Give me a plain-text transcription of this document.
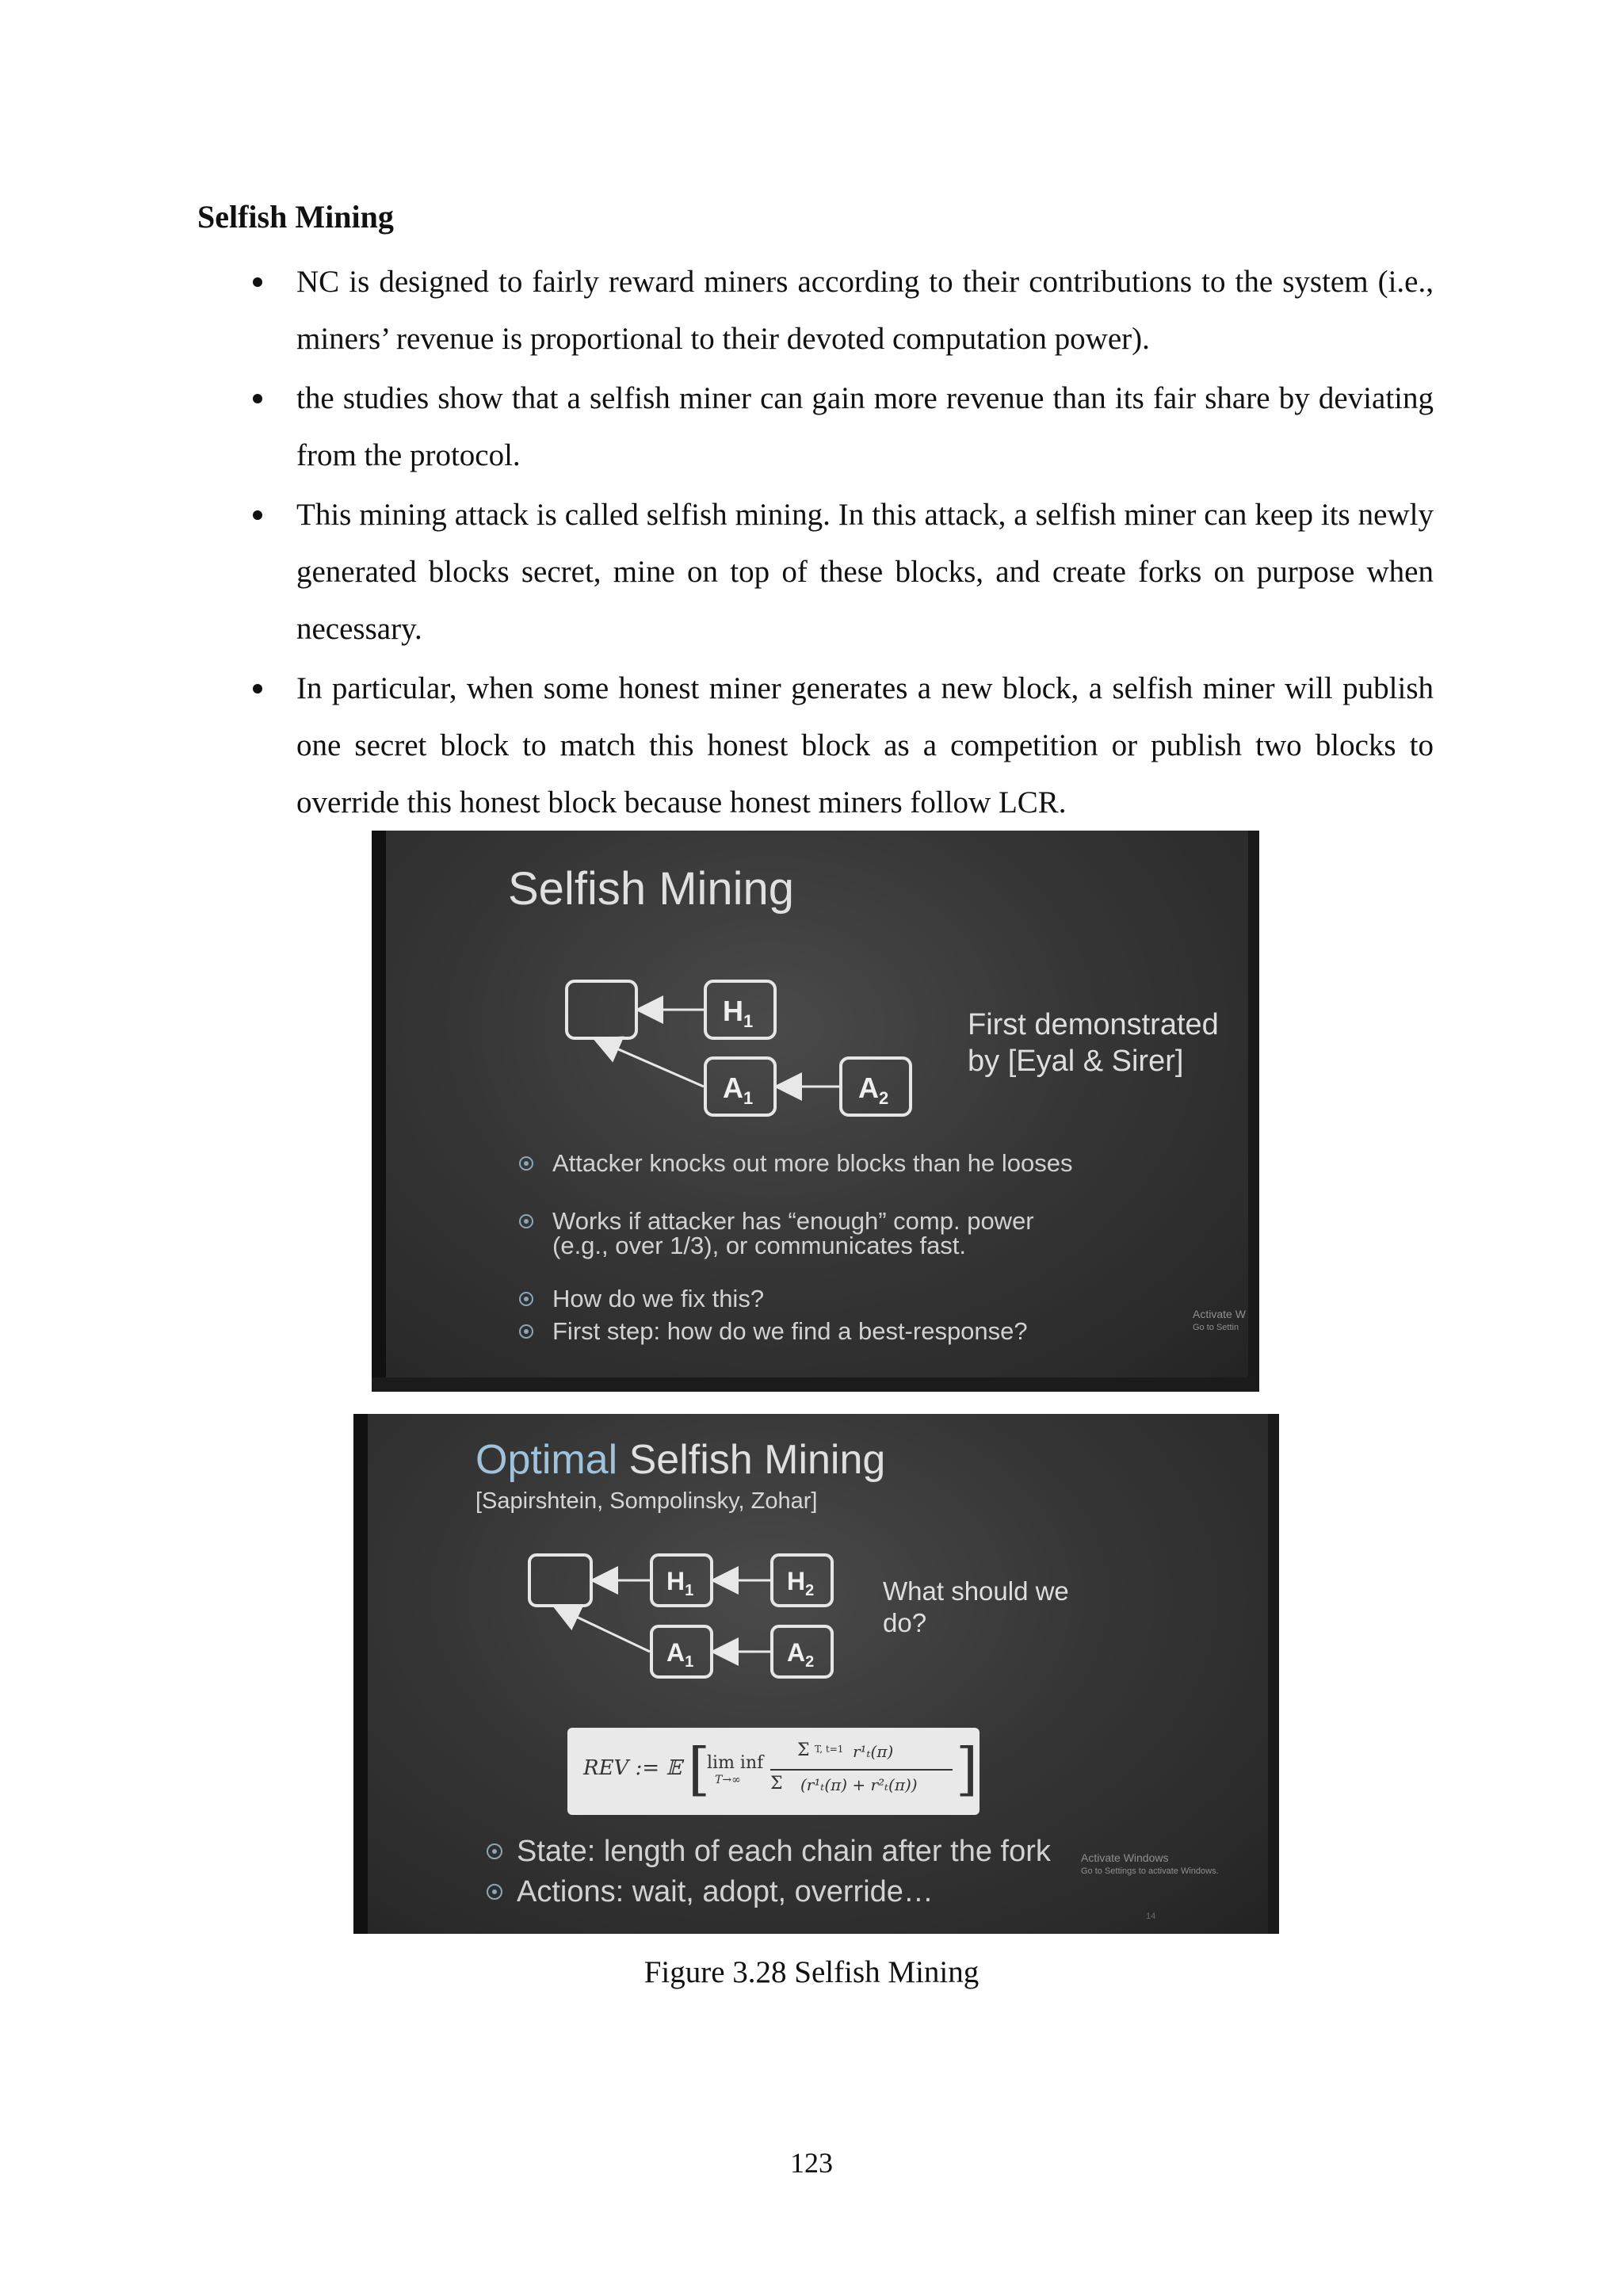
Selfish Mining
NC is designed to fairly reward miners according to their contributions to the system (i.e., miners’ revenue is proportional to their devoted computation power).
the studies show that a selfish miner can gain more revenue than its fair share by deviating from the protocol.
This mining attack is called selfish mining. In this attack, a selfish miner can keep its newly generated blocks secret, mine on top of these blocks, and create forks on purpose when necessary.
In particular, when some honest miner generates a new block, a selfish miner will publish one secret block to match this honest block as a competition or publish two blocks to override this honest block because honest miners follow LCR.
Selfish Mining
$H_1$
$A_1$	$A_2$
First demonstrated
by [Eyal & Sirer]
Attacker knocks out more blocks than he looses
Works if attacker has “enough” comp. power
(e.g., over 1/3), or communicates fast.
How do we fix this?
First step: how do we find a best-response?
Activate W
Go to Settin
Optimal Selfish Mining
[Sapirshtein, Sompolinsky, Zohar]
$H_1$	$H_2$
$A_1$	$A_2$
What should we
do?
REV := 𝔼 [
lim inf
T→∞
Σ T, t=1 r¹ₜ(π)
Σ (r¹ₜ(π) + r²ₜ(π)) ]
State: length of each chain after the fork
Actions: wait, adopt, override…
Activate Windows
Go to Settings to activate Windows.
14

Figure 3.28 Selfish Mining

123
